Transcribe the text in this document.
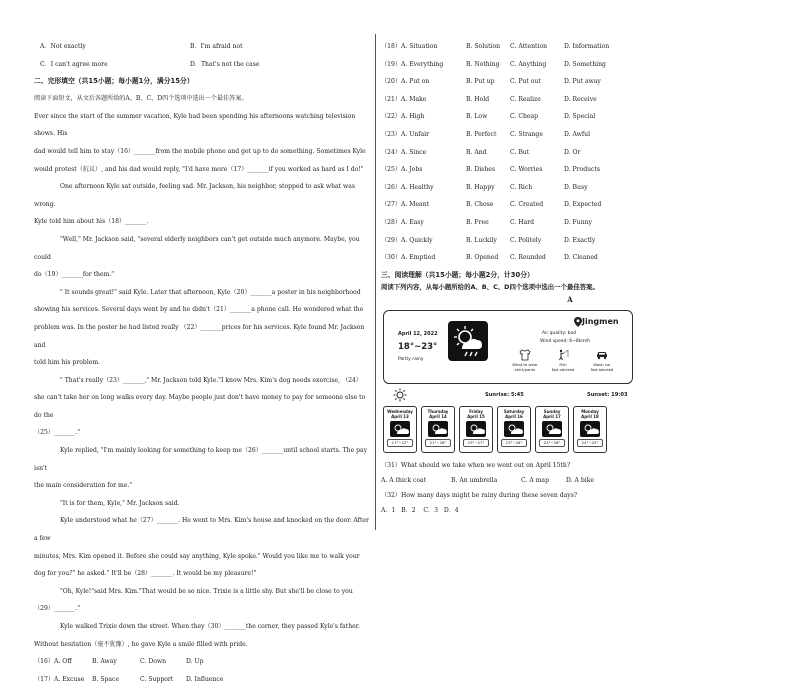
A．Not exactly	B．I'm afraid not
C．I can't agree more	D．That's not the case
二、完形填空（共15小题；每小题1分，满分15分）
阅读下面短文，从文后各题所给的A、B、C、D四个选项中选出一个最佳答案。
Ever since the start of the summer vacation, Kyle had been spending his afternoons watching television shows. His
dad would tell him to stay（16）_______from the mobile phone and get up to do something. Sometimes Kyle
would protest（抗议）, and his dad would reply, "I'd have more（17）_______if you worked as hard as I do!"
One afternoon Kyle sat outside, feeling sad. Mr. Jackson, his neighbor, stopped to ask what was wrong.
Kyle told him about his（18）_______.
"Well," Mr. Jackson said, "several elderly neighbors can't get outside much anymore. Maybe, you could
do（19）_______for them."
" It sounds great!" said Kyle. Later that afternoon, Kyle（20）_______a poster in his neighborhood
showing his services. Several days went by and he didn't（21）_______a phone call. He wondered what the
problem was. In the poster he had listed really （22）_______prices for his services. Kyle found Mr. Jackson and
told him his problem.
" That's really（23）_______," Mr. Jackson told Kyle."I know Mrs. Kim's dog needs exercise, （24）
she can't take her on long walks every day. Maybe people just don't have money to pay for someone else to do the
（25）_______."
Kyle replied, "I'm mainly looking for something to keep me（26）_______until school starts. The pay isn't
the main consideration for me."
"It is for them, Kyle," Mr. Jackson said.
Kyle understood what he（27）_______. He went to Mrs. Kim's house and knocked on the door. After a few
minutes, Mrs. Kim opened it. Before she could say anything, Kyle spoke." Would you like me to walk your
dog for you?" he asked." It'll be（28）_______. It would be my pleasure!"
"Oh, Kyle!"said Mrs. Kim."That would be so nice. Trixie is a little shy. But she'll be close to you
（29）_______."
Kyle walked Trixie down the street. When they（30）_______the corner, they passed Kyle's father.
Without hesitation（毫不犹豫）, he gave Kyle a smile filled with pride.
（16）A. Off	B. Away	C. Down	D. Up
（17）A. Excuse	B. Space	C. Support	D. Influence
（18）A. Situation	B. Solution	C. Attention	D. Information
（19）A. Everything	B. Nothing	C. Anything	D. Something
（20）A. Put on	B. Put up	C. Put out	D. Put away
（21）A. Make	B. Hold	C. Realize	D. Receive
（22）A. High	B. Low	C. Cheap	D. Special
（23）A. Unfair	B. Perfect	C. Strange	D. Awful
（24）A. Since	B. And	C. But	D. Or
（25）A. Jobs	B. Dishes	C. Worries	D. Products
（26）A. Healthy	B. Happy	C. Rich	D. Busy
（27）A. Meant	B. Chose	C. Created	D. Expected
（28）A. Easy	B. Free	C. Hard	D. Funny
（29）A. Quickly	B. Luckily	C. Politely	D. Exactly
（30）A. Emptied	B. Opened	C. Rounded	D. Cleaned
三、阅读理解（共15小题；每小题2分，计30分）
阅读下列内容，从每小题所给的A、B、C、D四个选项中选出一个最佳答案。
A
April 12, 2022
18°~23°
Partly rainy
Jingmen
Air quality: bad
Wind speed: 6~8km/h
What to wear
shirt/pants
Fish
Not advised
Wash car
Not advised
Sunrise: 5:45	Sunset: 19:03
Wednesday
April 13
17°~22°
Thursday
April 14
21°~28°
Friday
April 15
23°~27°
Saturday
April 16
23°~28°
Sunday
April 17
23°~28°
Monday
April 18
24°~25°
（31）What should we take when we went out on April 15th?
A. A thick coat	B. An umbrella	C. A map	D. A bike
（32）How many days might be rainy during these seven days?
A．1   B．2    C．3   D．4
